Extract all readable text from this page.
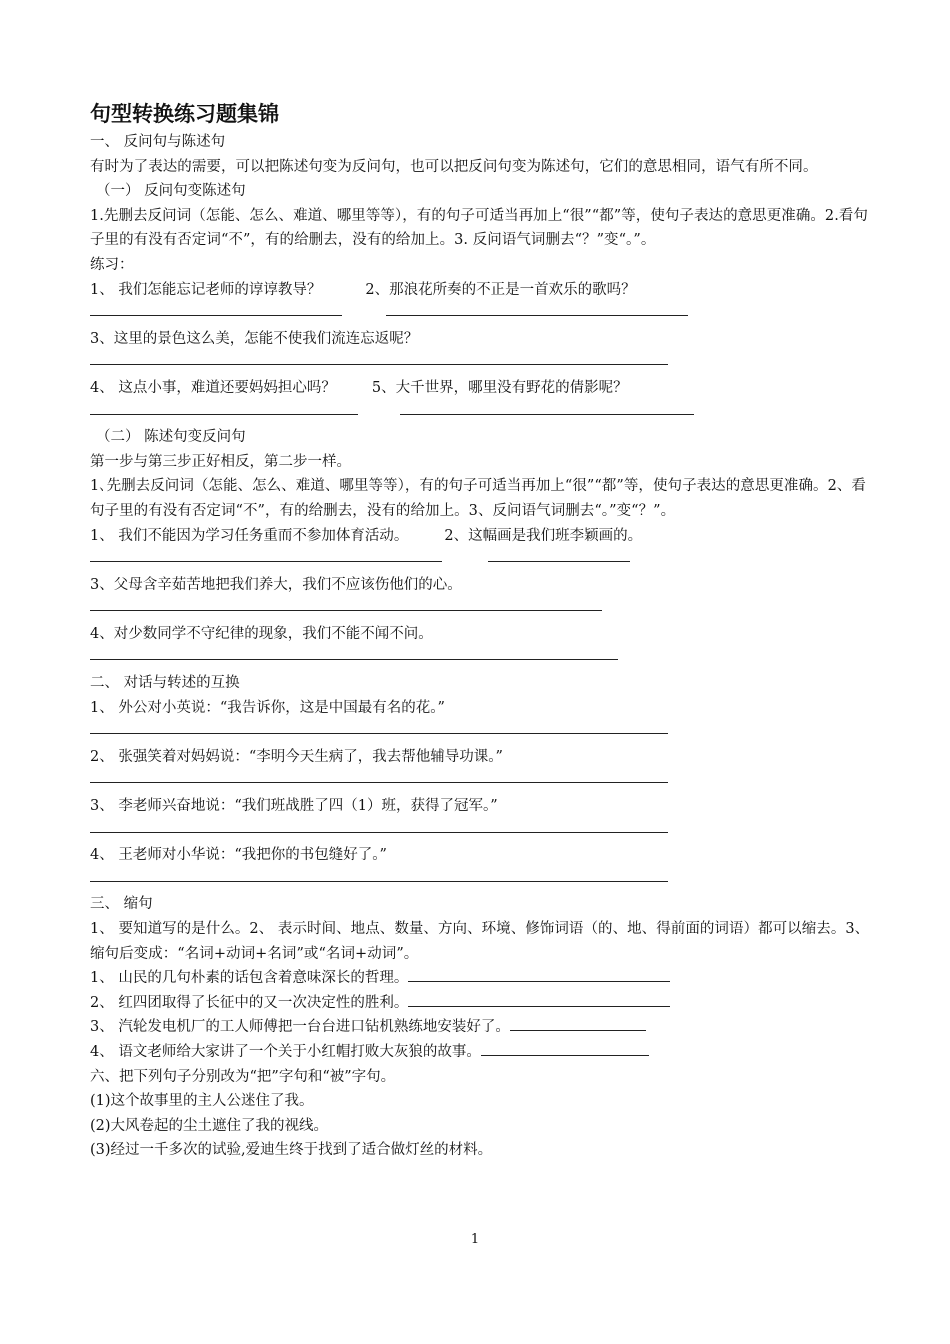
句型转换练习题集锦
一、 反问句与陈述句
有时为了表达的需要，可以把陈述句变为反问句，也可以把反问句变为陈述句，它们的意思相同，语气有所不同。
（一） 反问句变陈述句
1.先删去反问词（怎能、怎么、难道、哪里等等），有的句子可适当再加上“很”“都”等，使句子表达的意思更准确。2.看句子里的有没有否定词“不”，有的给删去，没有的给加上。3. 反问语气词删去“？”变“。”。
练习：
1、 我们怎能忘记老师的谆谆教导？	2、那浪花所奏的不正是一首欢乐的歌吗？
3、这里的景色这么美，怎能不使我们流连忘返呢？
4、 这点小事，难道还要妈妈担心吗？ 5、大千世界，哪里没有野花的倩影呢？
（二） 陈述句变反问句
第一步与第三步正好相反，第二步一样。
1､先删去反问词（怎能、怎么、难道、哪里等等），有的句子可适当再加上“很”“都”等，使句子表达的意思更准确。2、看句子里的有没有否定词“不”，有的给删去，没有的给加上。3、反问语气词删去“。”变“？”。
1、 我们不能因为学习任务重而不参加体育活动。 2、这幅画是我们班李颖画的。
3、父母含辛茹苦地把我们养大，我们不应该伤他们的心。
4、对少数同学不守纪律的现象，我们不能不闻不问。
二、 对话与转述的互换
1、 外公对小英说：“我告诉你，这是中国最有名的花。”
2、 张强笑着对妈妈说：“李明今天生病了，我去帮他辅导功课。”
3、 李老师兴奋地说：“我们班战胜了四（1）班，获得了冠军。”
4、 王老师对小华说：“我把你的书包缝好了。”
三、 缩句
1、 要知道写的是什么。2、 表示时间、地点、数量、方向、环境、修饰词语（的、地、得前面的词语）都可以缩去。3、缩句后变成：“名词+动词+名词”或“名词+动词”。
1、 山民的几句朴素的话包含着意味深长的哲理。
2、 红四团取得了长征中的又一次决定性的胜利。
3、 汽轮发电机厂的工人师傅把一台台进口钻机熟练地安装好了。
4、 语文老师给大家讲了一个关于小红帽打败大灰狼的故事。
六、把下列句子分别改为“把”字句和“被”字句。
(1)这个故事里的主人公迷住了我。
(2)大风卷起的尘土遮住了我的视线。
(3)经过一千多次的试验,爱迪生终于找到了适合做灯丝的材料。
1
